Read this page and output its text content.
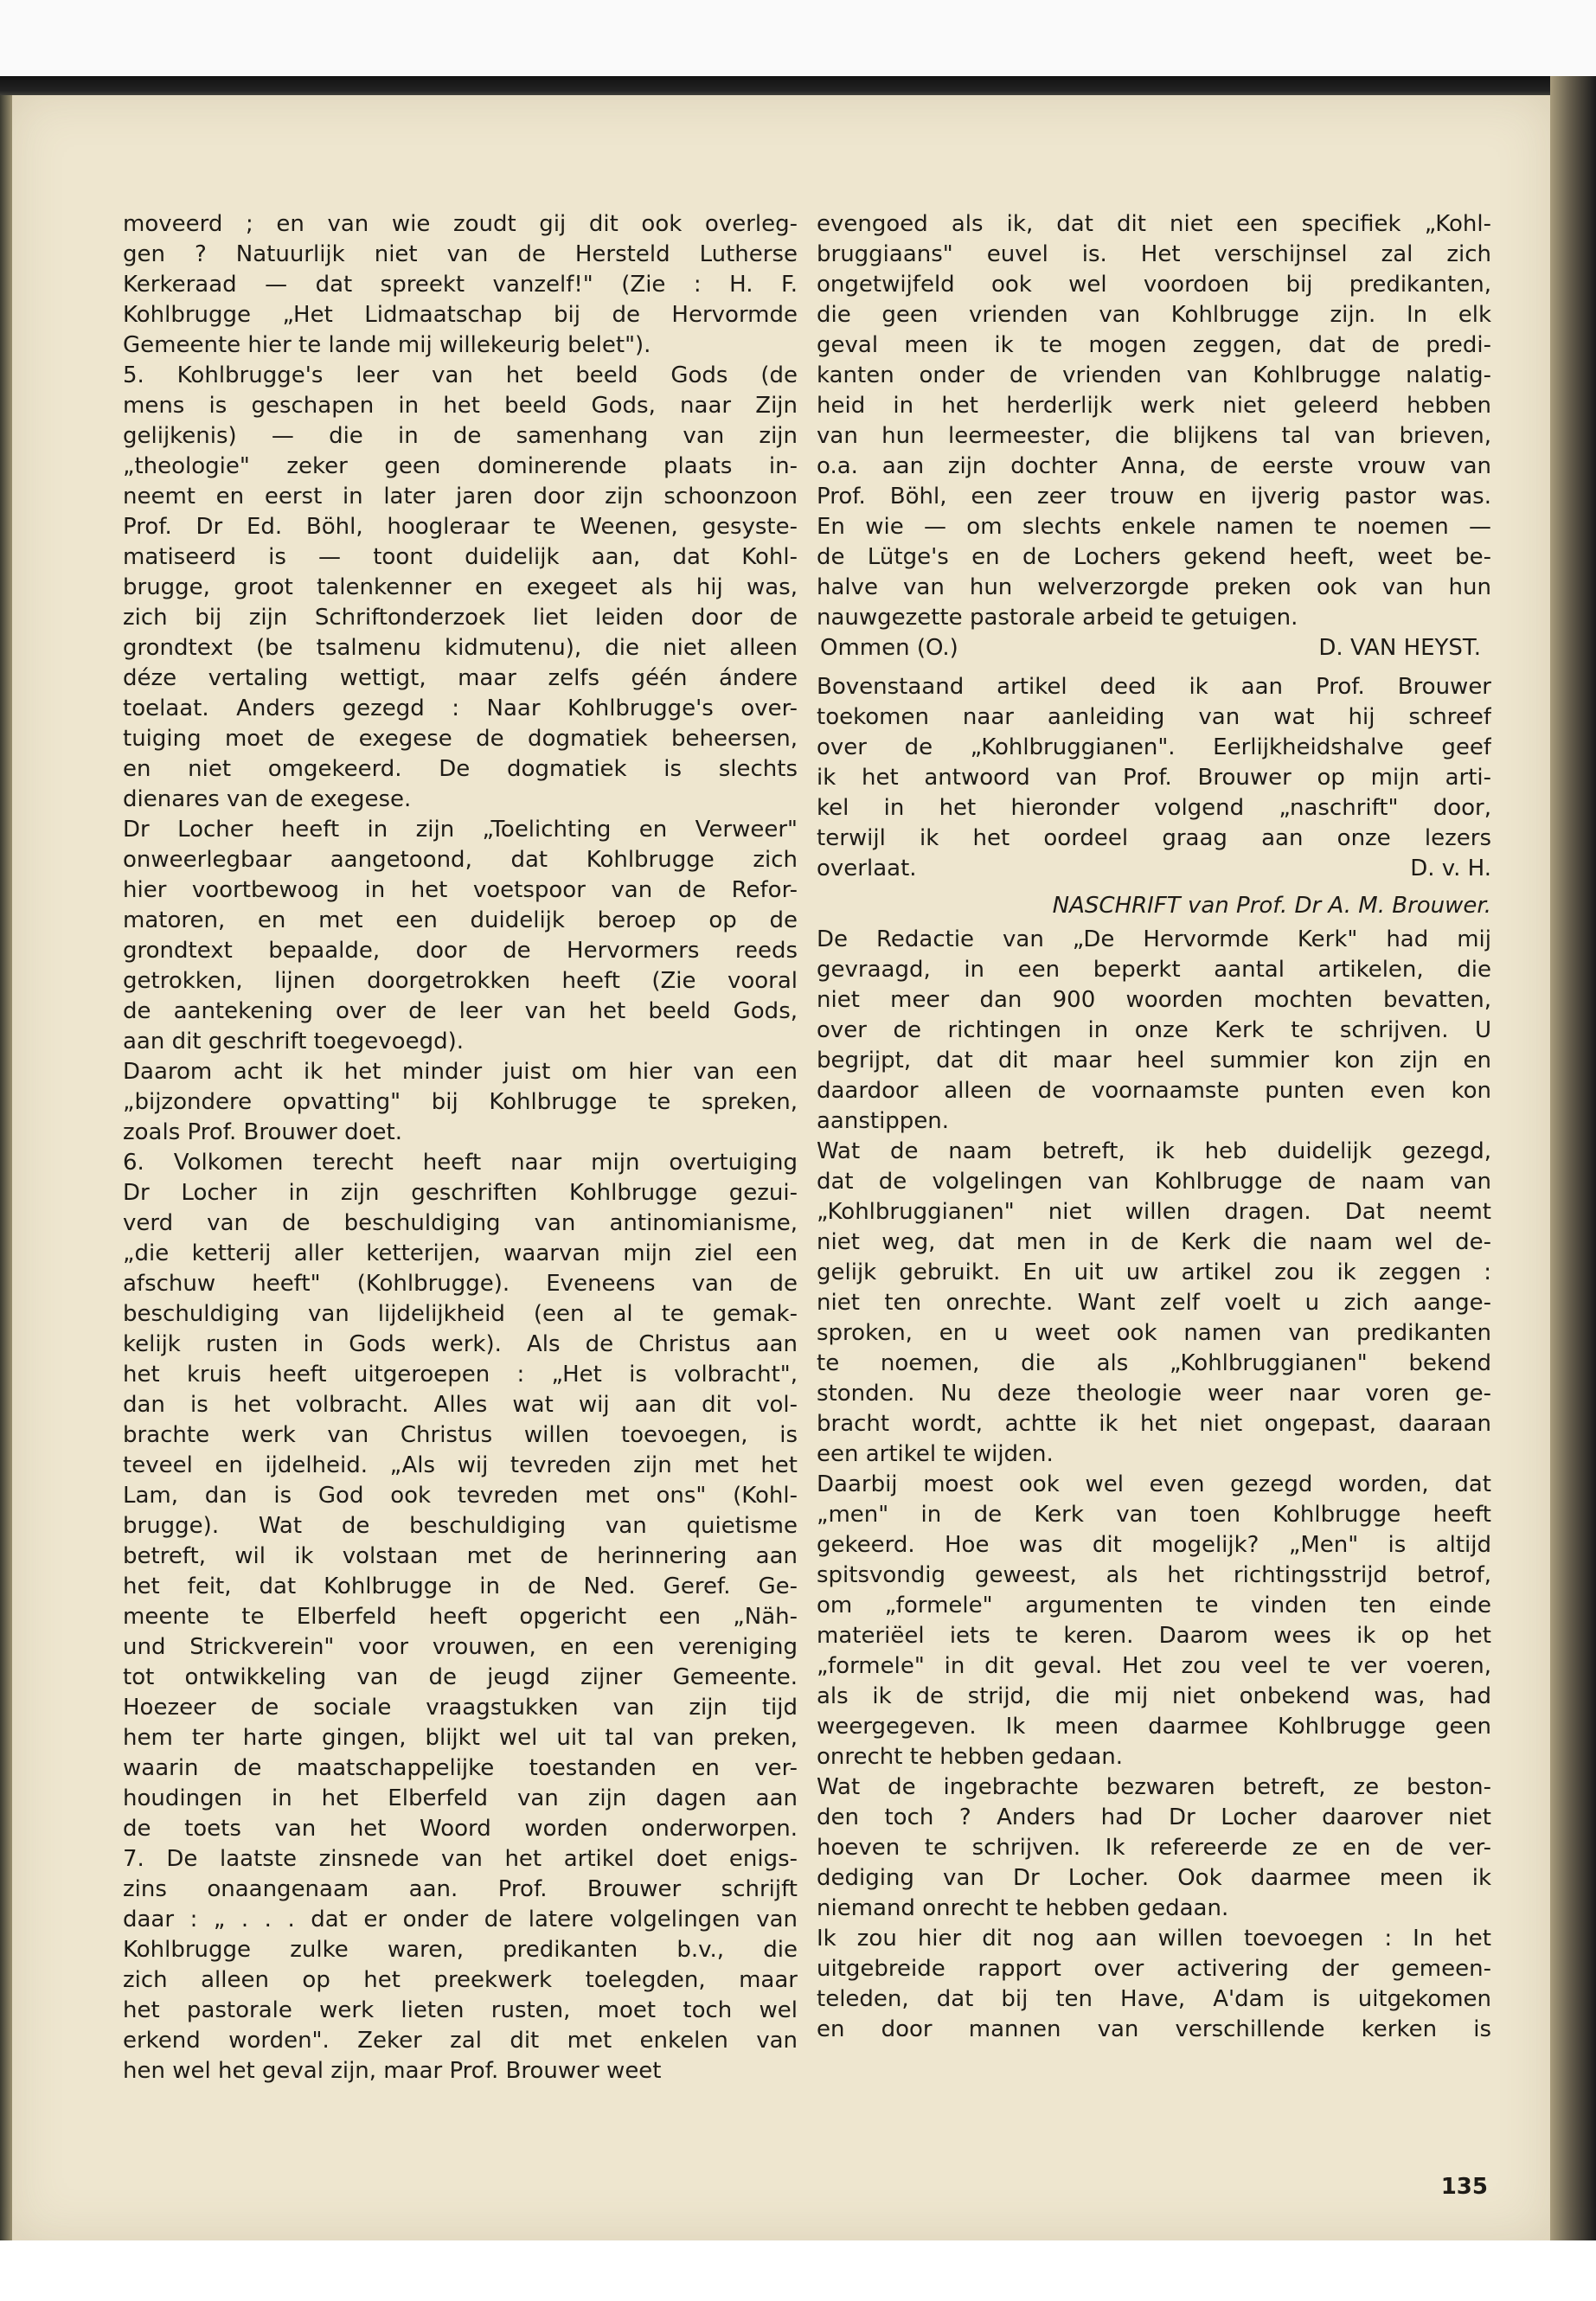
moveerd ; en van wie zoudt gij dit ook overleg-
gen ? Natuurlijk niet van de Hersteld Lutherse
Kerkeraad — dat spreekt vanzelf!" (Zie : H. F.
Kohlbrugge „Het Lidmaatschap bij de Hervormde
Gemeente hier te lande mij willekeurig belet").
5. Kohlbrugge's leer van het beeld Gods (de
mens is geschapen in het beeld Gods, naar Zijn
gelijkenis) — die in de samenhang van zijn
„theologie" zeker geen dominerende plaats in-
neemt en eerst in later jaren door zijn schoonzoon
Prof. Dr Ed. Böhl, hoogleraar te Weenen, gesyste-
matiseerd is — toont duidelijk aan, dat Kohl-
brugge, groot talenkenner en exegeet als hij was,
zich bij zijn Schriftonderzoek liet leiden door de
grondtext (be tsalmenu kidmutenu), die niet alleen
déze vertaling wettigt, maar zelfs géén ándere
toelaat. Anders gezegd : Naar Kohlbrugge's over-
tuiging moet de exegese de dogmatiek beheersen,
en niet omgekeerd. De dogmatiek is slechts
dienares van de exegese.
Dr Locher heeft in zijn „Toelichting en Verweer"
onweerlegbaar aangetoond, dat Kohlbrugge zich
hier voortbewoog in het voetspoor van de Refor-
matoren, en met een duidelijk beroep op de
grondtext bepaalde, door de Hervormers reeds
getrokken, lijnen doorgetrokken heeft (Zie vooral
de aantekening over de leer van het beeld Gods,
aan dit geschrift toegevoegd).
Daarom acht ik het minder juist om hier van een
„bijzondere opvatting" bij Kohlbrugge te spreken,
zoals Prof. Brouwer doet.
6. Volkomen terecht heeft naar mijn overtuiging
Dr Locher in zijn geschriften Kohlbrugge gezui-
verd van de beschuldiging van antinomianisme,
„die ketterij aller ketterijen, waarvan mijn ziel een
afschuw heeft" (Kohlbrugge). Eveneens van de
beschuldiging van lijdelijkheid (een al te gemak-
kelijk rusten in Gods werk). Als de Christus aan
het kruis heeft uitgeroepen : „Het is volbracht",
dan is het volbracht. Alles wat wij aan dit vol-
brachte werk van Christus willen toevoegen, is
teveel en ijdelheid. „Als wij tevreden zijn met het
Lam, dan is God ook tevreden met ons" (Kohl-
brugge). Wat de beschuldiging van quietisme
betreft, wil ik volstaan met de herinnering aan
het feit, dat Kohlbrugge in de Ned. Geref. Ge-
meente te Elberfeld heeft opgericht een „Näh-
und Strickverein" voor vrouwen, en een vereniging
tot ontwikkeling van de jeugd zijner Gemeente.
Hoezeer de sociale vraagstukken van zijn tijd
hem ter harte gingen, blijkt wel uit tal van preken,
waarin de maatschappelijke toestanden en ver-
houdingen in het Elberfeld van zijn dagen aan
de toets van het Woord worden onderworpen.
7. De laatste zinsnede van het artikel doet enigs-
zins onaangenaam aan. Prof. Brouwer schrijft
daar : „ . . . dat er onder de latere volgelingen van
Kohlbrugge zulke waren, predikanten b.v., die
zich alleen op het preekwerk toelegden, maar
het pastorale werk lieten rusten, moet toch wel
erkend worden". Zeker zal dit met enkelen van
hen wel het geval zijn, maar Prof. Brouwer weet
evengoed als ik, dat dit niet een specifiek „Kohl-
bruggiaans" euvel is. Het verschijnsel zal zich
ongetwijfeld ook wel voordoen bij predikanten,
die geen vrienden van Kohlbrugge zijn. In elk
geval meen ik te mogen zeggen, dat de predi-
kanten onder de vrienden van Kohlbrugge nalatig-
heid in het herderlijk werk niet geleerd hebben
van hun leermeester, die blijkens tal van brieven,
o.a. aan zijn dochter Anna, de eerste vrouw van
Prof. Böhl, een zeer trouw en ijverig pastor was.
En wie — om slechts enkele namen te noemen —
de Lütge's en de Lochers gekend heeft, weet be-
halve van hun welverzorgde preken ook van hun
nauwgezette pastorale arbeid te getuigen.
Ommen (O.)	D. VAN HEYST.
Bovenstaand artikel deed ik aan Prof. Brouwer
toekomen naar aanleiding van wat hij schreef
over de „Kohlbruggianen". Eerlijkheidshalve geef
ik het antwoord van Prof. Brouwer op mijn arti-
kel in het hieronder volgend „naschrift" door,
terwijl ik het oordeel graag aan onze lezers
overlaat.	D. v. H.
NASCHRIFT van Prof. Dr A. M. Brouwer.
De Redactie van „De Hervormde Kerk" had mij
gevraagd, in een beperkt aantal artikelen, die
niet meer dan 900 woorden mochten bevatten,
over de richtingen in onze Kerk te schrijven. U
begrijpt, dat dit maar heel summier kon zijn en
daardoor alleen de voornaamste punten even kon
aanstippen.
Wat de naam betreft, ik heb duidelijk gezegd,
dat de volgelingen van Kohlbrugge de naam van
„Kohlbruggianen" niet willen dragen. Dat neemt
niet weg, dat men in de Kerk die naam wel de-
gelijk gebruikt. En uit uw artikel zou ik zeggen :
niet ten onrechte. Want zelf voelt u zich aange-
sproken, en u weet ook namen van predikanten
te noemen, die als „Kohlbruggianen" bekend
stonden. Nu deze theologie weer naar voren ge-
bracht wordt, achtte ik het niet ongepast, daaraan
een artikel te wijden.
Daarbij moest ook wel even gezegd worden, dat
„men" in de Kerk van toen Kohlbrugge heeft
gekeerd. Hoe was dit mogelijk? „Men" is altijd
spitsvondig geweest, als het richtingsstrijd betrof,
om „formele" argumenten te vinden ten einde
materiëel iets te keren. Daarom wees ik op het
„formele" in dit geval. Het zou veel te ver voeren,
als ik de strijd, die mij niet onbekend was, had
weergegeven. Ik meen daarmee Kohlbrugge geen
onrecht te hebben gedaan.
Wat de ingebrachte bezwaren betreft, ze beston-
den toch ? Anders had Dr Locher daarover niet
hoeven te schrijven. Ik refereerde ze en de ver-
dediging van Dr Locher. Ook daarmee meen ik
niemand onrecht te hebben gedaan.
Ik zou hier dit nog aan willen toevoegen : In het
uitgebreide rapport over activering der gemeen-
teleden, dat bij ten Have, A'dam is uitgekomen
en door mannen van verschillende kerken is
135
